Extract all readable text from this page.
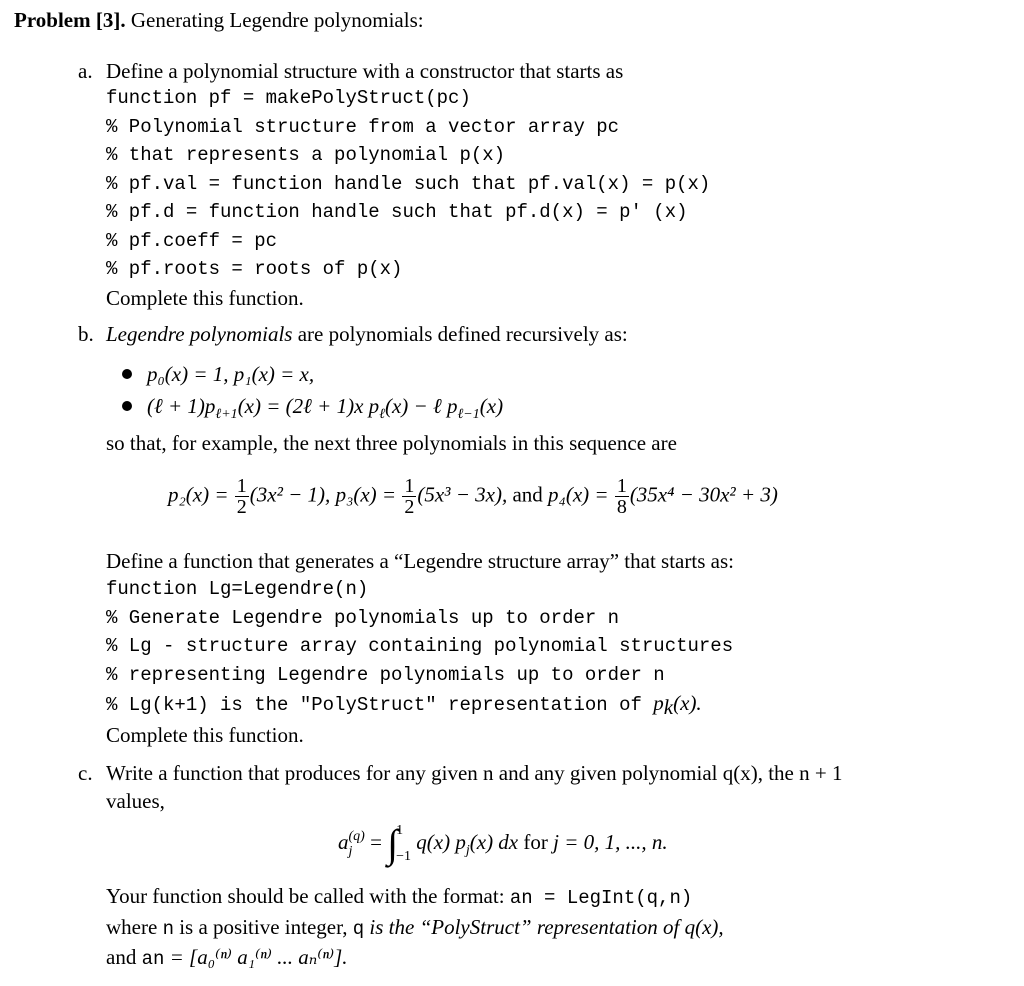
Problem [3]. Generating Legendre polynomials:
a. Define a polynomial structure with a constructor that starts as
function pf = makePolyStruct(pc)
% Polynomial structure from a vector array pc
% that represents a polynomial p(x)
% pf.val = function handle such that pf.val(x) = p(x)
% pf.d = function handle such that pf.d(x) = p' (x)
% pf.coeff = pc
% pf.roots = roots of p(x)
Complete this function.
b. Legendre polynomials are polynomials defined recursively as:
p₀(x) = 1, p₁(x) = x,
(ℓ + $1)p_{\ell+1}(x)$ = (2ℓ + 1)x $p_\ell(x)$ − ℓ $p_{\ell-1}(x)$
so that, for example, the next three polynomials in this sequence are
$p_2(x) = \frac{1}{2} (3x^2 - 1)$, $p_3(x) = \frac{1}{2} (5x^3 - 3x)$, and $p_4(x) = \frac{1}{8} (35x^4 - 30x^2 + 3)$
Define a function that generates a “Legendre structure array” that starts as:
function Lg=Legendre(n)
% Generate Legendre polynomials up to order n
% Lg - structure array containing polynomial structures
% representing Legendre polynomials up to order n
% Lg(k+1) is the "PolyStruct" representation of $p_k(x)$.
Complete this function.
c. Write a function that produces for any given n and any given polynomial q(x), the n + 1
values,
a (q)
j = ∫
1
−1
q(x) $p_j(x)$ dx for j = 0, 1, ..., n.
Your function should be called with the format: an = LegInt(q,n)
where n is a positive integer, q is the “PolyStruct” representation of q(x),
and an = [a₀⁽ⁿ⁾ a₁⁽ⁿ⁾ ... aₙ⁽ⁿ⁾].
